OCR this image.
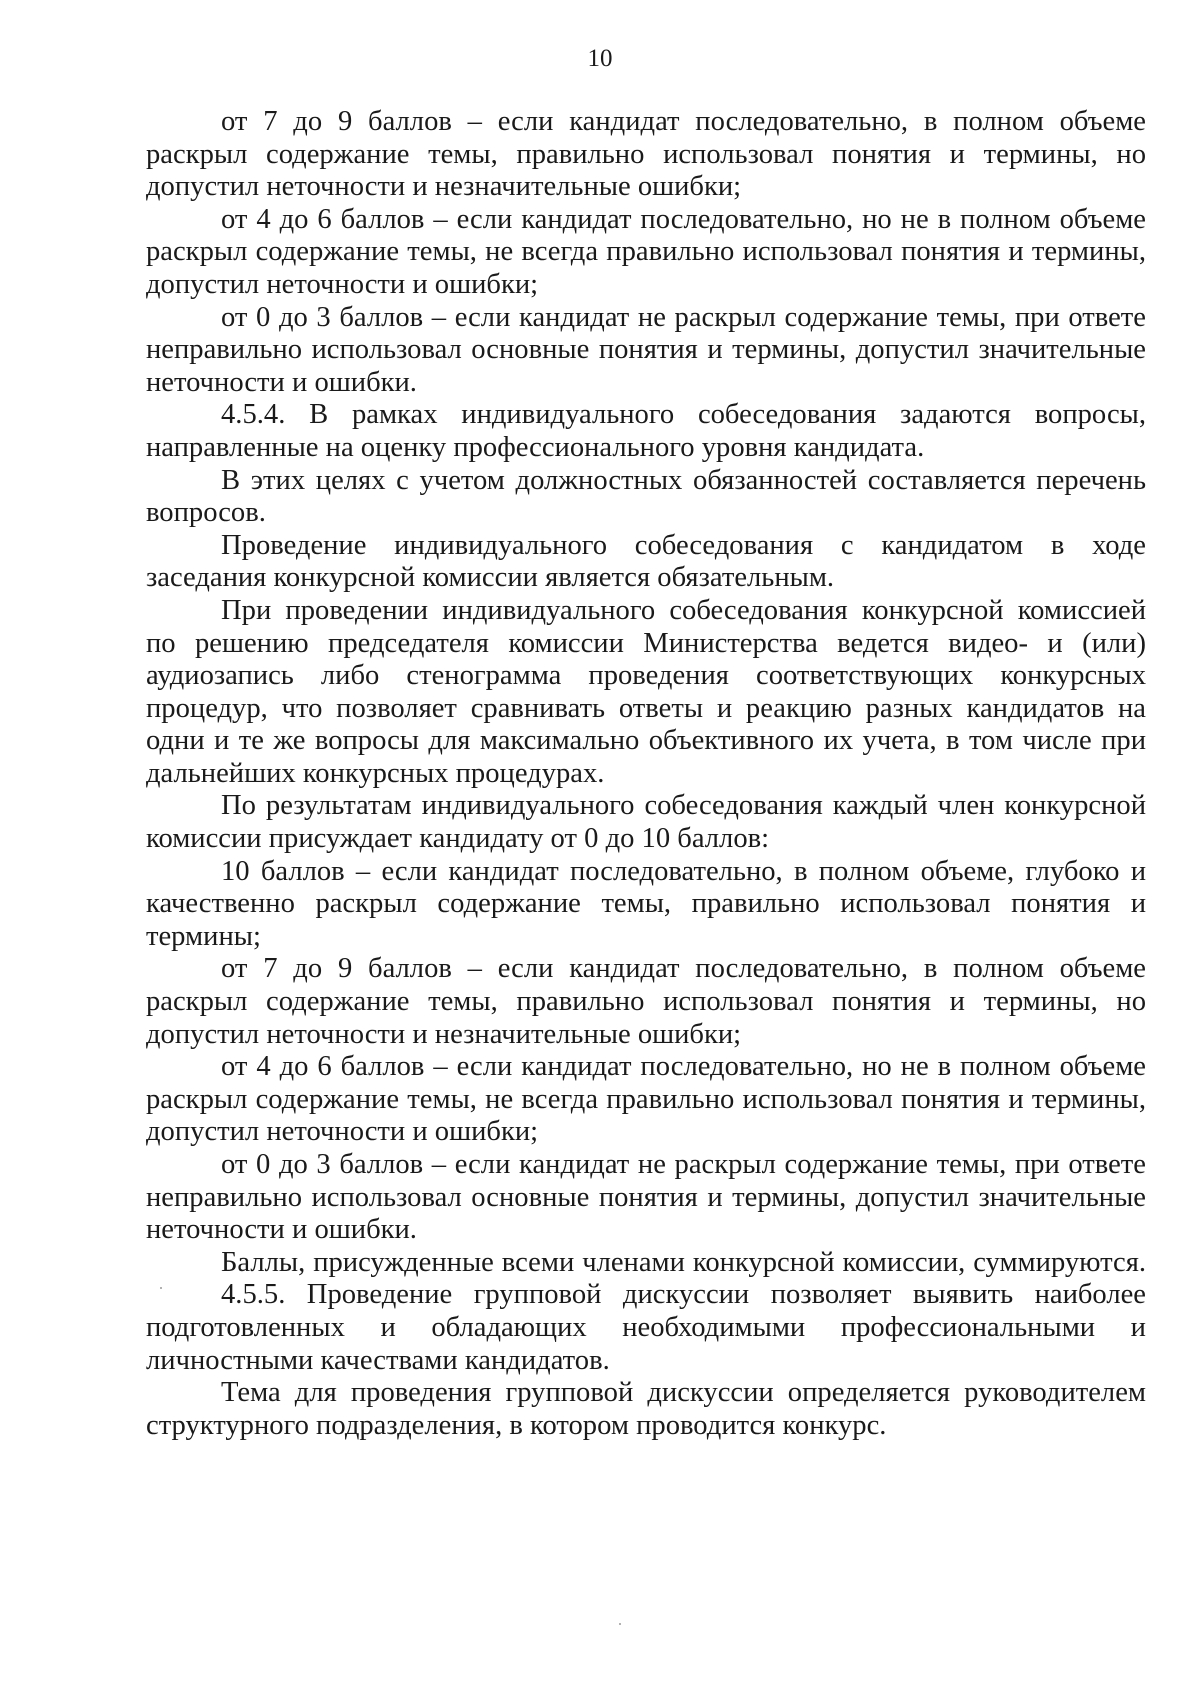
10

от 7 до 9 баллов – если кандидат последовательно, в полном объеме раскрыл содержание темы, правильно использовал понятия и термины, но допустил неточности и незначительные ошибки;

от 4 до 6 баллов – если кандидат последовательно, но не в полном объеме раскрыл содержание темы, не всегда правильно использовал понятия и термины, допустил неточности и ошибки;

от 0 до 3 баллов – если кандидат не раскрыл содержание темы, при ответе неправильно использовал основные понятия и термины, допустил значительные неточности и ошибки.

4.5.4. В рамках индивидуального собеседования задаются вопросы, направленные на оценку профессионального уровня кандидата.

В этих целях с учетом должностных обязанностей составляется перечень вопросов.

Проведение индивидуального собеседования с кандидатом в ходе заседания конкурсной комиссии является обязательным.

При проведении индивидуального собеседования конкурсной комиссией по решению председателя комиссии Министерства ведется видео- и (или) аудиозапись либо стенограмма проведения соответствующих конкурсных процедур, что позволяет сравнивать ответы и реакцию разных кандидатов на одни и те же вопросы для максимально объективного их учета, в том числе при дальнейших конкурсных процедурах.

По результатам индивидуального собеседования каждый член конкурсной комиссии присуждает кандидату от 0 до 10 баллов:

10 баллов – если кандидат последовательно, в полном объеме, глубоко и качественно раскрыл содержание темы, правильно использовал понятия и термины;

от 7 до 9 баллов – если кандидат последовательно, в полном объеме раскрыл содержание темы, правильно использовал понятия и термины, но допустил неточности и незначительные ошибки;

от 4 до 6 баллов – если кандидат последовательно, но не в полном объеме раскрыл содержание темы, не всегда правильно использовал понятия и термины, допустил неточности и ошибки;

от 0 до 3 баллов – если кандидат не раскрыл содержание темы, при ответе неправильно использовал основные понятия и термины, допустил значительные неточности и ошибки.

Баллы, присужденные всеми членами конкурсной комиссии, суммируются.

4.5.5. Проведение групповой дискуссии позволяет выявить наиболее подготовленных и обладающих необходимыми профессиональными и личностными качествами кандидатов.

Тема для проведения групповой дискуссии определяется руководителем структурного подразделения, в котором проводится конкурс.
